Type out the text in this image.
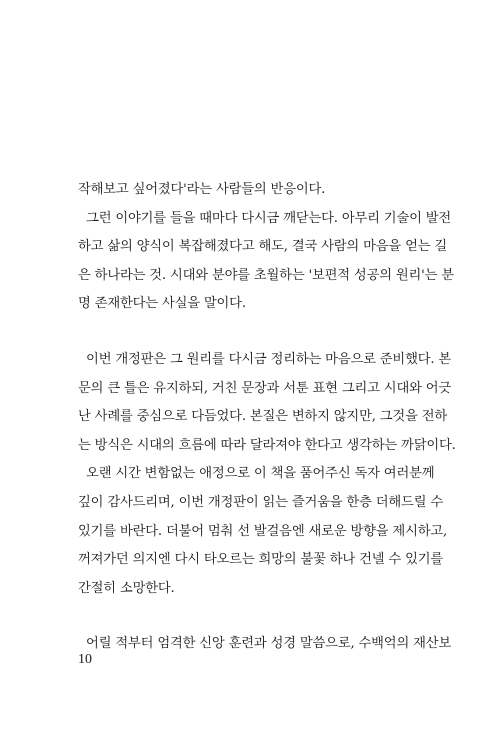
작해보고 싶어졌다'라는 사람들의 반응이다.
그런 이야기를 들을 때마다 다시금 깨닫는다. 아무리 기술이 발전
하고 삶의 양식이 복잡해졌다고 해도, 결국 사람의 마음을 얻는 길
은 하나라는 것. 시대와 분야를 초월하는 '보편적 성공의 원리'는 분
명 존재한다는 사실을 말이다.
이번 개정판은 그 원리를 다시금 정리하는 마음으로 준비했다. 본
문의 큰 틀은 유지하되, 거친 문장과 서툰 표현 그리고 시대와 어긋
난 사례를 중심으로 다듬었다. 본질은 변하지 않지만, 그것을 전하
는 방식은 시대의 흐름에 따라 달라져야 한다고 생각하는 까닭이다.
오랜 시간 변함없는 애정으로 이 책을 품어주신 독자 여러분께
깊이 감사드리며, 이번 개정판이 읽는 즐거움을 한층 더해드릴 수
있기를 바란다. 더불어 멈춰 선 발걸음엔 새로운 방향을 제시하고,
꺼져가던 의지엔 다시 타오르는 희망의 불꽃 하나 건넬 수 있기를
간절히 소망한다.
어릴 적부터 엄격한 신앙 훈련과 성경 말씀으로, 수백억의 재산보
10
